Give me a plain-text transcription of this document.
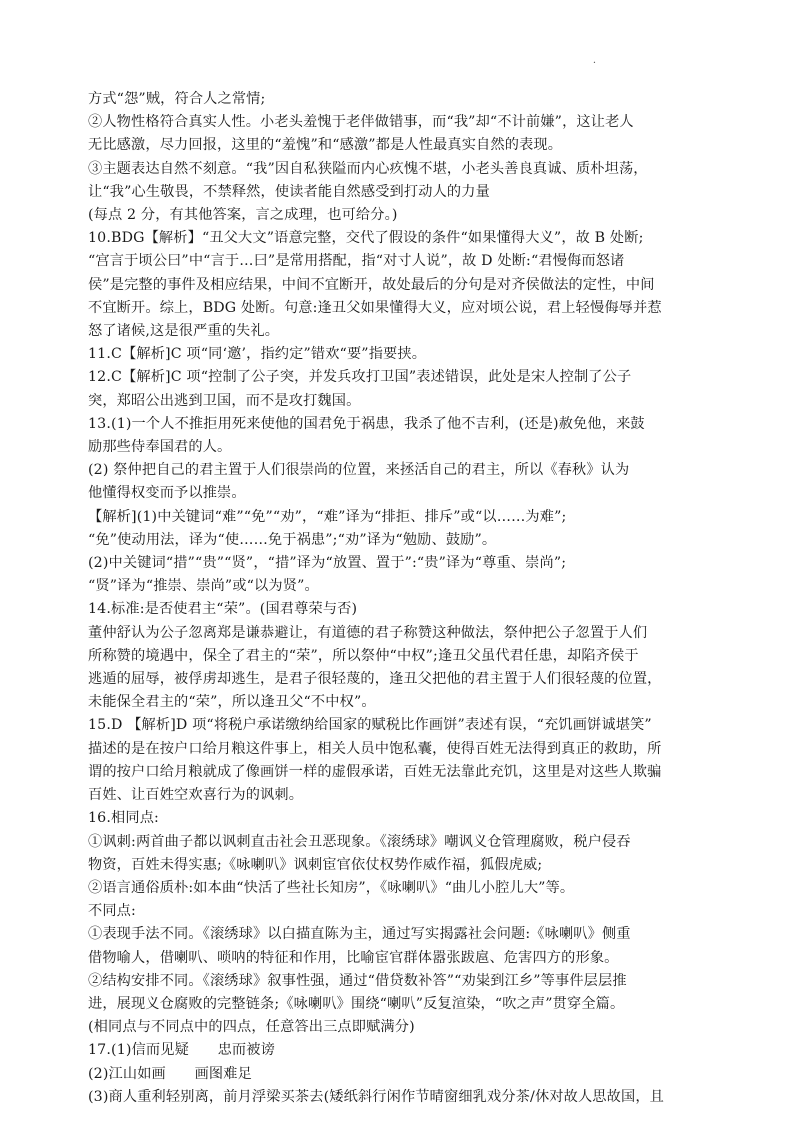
·
方式“怨”贼，符合人之常情;
②人物性格符合真实人性。小老头羞愧于老伴做错事，而“我”却“不计前嫌”，这让老人
无比感激，尽力回报，这里的“羞愧”和“感激”都是人性最真实自然的表现。
③主题表达自然不刻意。“我”因自私狭隘而内心疚愧不堪，小老头善良真诚、质朴坦荡，
让“我”心生敬畏，不禁释然，使读者能自然感受到打动人的力量
(每点 2 分，有其他答案，言之成理，也可给分。)
10.BDG【解析】“丑父大文”语意完整，交代了假设的条件“如果懂得大义”，故 B 处断;
“宫言于顷公曰”中“言于…曰”是常用搭配，指“对寸人说”，故 D 处断:“君慢侮而怒诸
侯”是完整的事件及相应结果，中间不宜断开，故处最后的分句是对齐侯做法的定性，中间
不宜断开。综上，BDG 处断。句意:逢丑父如果懂得大义，应对顷公说，君上轻慢侮辱并惹
怒了诸候,这是很严重的失礼。
11.C【解析]C 项“同‘邀’，指约定”错欢“要”指要挟。
12.C【解析]C 项“控制了公子突，并发兵攻打卫国”表述错误，此处是宋人控制了公子
突，郑昭公出逃到卫国，而不是攻打魏国。
13.(1)一个人不推拒用死来使他的国君免于祸患，我杀了他不吉利，(还是)赦免他，来鼓
励那些侍奉国君的人。
(2) 祭仲把自己的君主置于人们很崇尚的位置，来拯活自己的君主，所以《春秋》认为
他懂得权变而予以推崇。
【解析](1)中关键词“难”“免”“劝”，“难”译为“排拒、排斥”或“以……为难”;
“免”使动用法，译为“使……免于祸患”;“劝”译为“勉励、鼓励”。
(2)中关键词“措”“贵”“贤”，“措”译为“放置、置于”:“贵”译为“尊重、崇尚”;
“贤”译为“推崇、崇尚”或“以为贤”。
14.标准:是否使君主“荣”。(国君尊荣与否)
董仲舒认为公子忽离郑是谦恭避让，有道德的君子称赞这种做法，祭仲把公子忽置于人们
所称赞的境遇中，保全了君主的“荣”，所以祭仲“中权”;逢丑父虽代君任患，却陷齐侯于
逃遁的屈辱，被俘虏却逃生，是君子很轻蔑的，逢丑父把他的君主置于人们很轻蔑的位置，
未能保全君主的“荣”，所以逢丑父“不中权”。
15.D 【解析]D 项“将税户承诺缴纳给国家的赋税比作画饼”表述有误，“充饥画饼诚堪笑”
描述的是在按户口给月粮这件事上，相关人员中饱私囊，使得百姓无法得到真正的救助，所
谓的按户口给月粮就成了像画饼一样的虚假承诺，百姓无法靠此充饥，这里是对这些人欺骗
百姓、让百姓空欢喜行为的讽刺。
16.相同点:
①讽刺:两首曲子都以讽刺直击社会丑恶现象。《滚绣球》嘲讽义仓管理腐败，税户侵吞
物资，百姓未得实惠;《咏喇叭》讽刺宦官依仗权势作威作福，狐假虎威;
②语言通俗质朴:如本曲“快活了些社长知房”，《咏喇叭》“曲儿小腔儿大”等。
不同点:
①表现手法不同。《滚绣球》以白描直陈为主，通过写实揭露社会问题:《咏喇叭》侧重
借物喻人，借喇叭、唢呐的特征和作用，比喻宦官群体嚣张跋扈、危害四方的形象。
②结构安排不同。《滚绣球》叙事性强，通过“借贷数补答”“劝粜到江乡”等事件层层推
进，展现义仓腐败的完整链条;《咏喇叭》围绕“喇叭”反复渲染，“吹之声”贯穿全篇。
(相同点与不同点中的四点，任意答出三点即赋满分)
17.(1)信而见疑　　忠而被谤
(2)江山如画　　画图难足
(3)商人重利轻别离，前月浮梁买茶去(矮纸斜行闲作节晴窗细乳戏分茶/休对故人思故国，且
